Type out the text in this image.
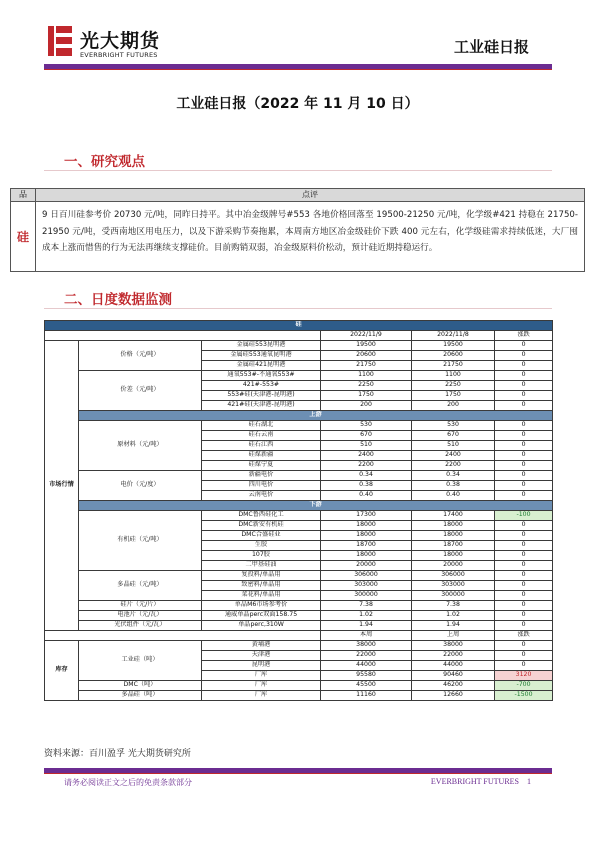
光大期货
EVERBRIGHT FUTURES	工业硅日报
工业硅日报（2022 年 11 月 10 日）
一、研究观点
品	点评
硅
9 日百川硅参考价 20730 元/吨，同昨日持平。其中冶金级牌号#553 各地价格回落至 19500-21250 元/吨，化学级#421 持稳在 21750-21950 元/吨，受西南地区用电压力，以及下游采购节奏拖累，本周南方地区冶金级硅价下跌 400 元左右，化学级硅需求持续低迷，大厂囤成本上涨而惜售的行为无法再继续支撑硅价。目前购销双弱，冶金级原料价松动，预计硅近期持稳运行。
二、日度数据监测
硅					
			2022/11/9	2022/11/8	涨跌
市场行情	价格（元/吨）	金属硅553昆明港	19500	19500	0
		金属硅553通氧昆明港	20600	20600	0
		金属硅421昆明港	21750	21750	0
	价差（元/吨）	通氧553#-不通氧553#	1100	1100	0
		421#-553#	2250	2250	0
		553#硅(天津港-昆明港)	1750	1750	0
		421#硅(天津港-昆明港)	200	200	0
	上游				
	原材料（元/吨）	硅石湖北	530	530	0
		硅石云南	670	670	0
		硅石江西	510	510	0
		硅煤新疆	2400	2400	0
		硅煤宁夏	2200	2200	0
	电价（元/度）	新疆电价	0.34	0.34	0
		四川电价	0.38	0.38	0
		云南电价	0.40	0.40	0
	下游				
	有机硅（元/吨）	DMC鲁西硅化工	17300	17400	-100
		DMC新安有机硅	18000	18000	0
		DMC合盛硅业	18000	18000	0
		生胶	18700	18700	0
		107胶	18000	18000	0
		二甲基硅油	20000	20000	0
	多晶硅（元/吨）	复投料/单晶用	306000	306000	0
		致密料/单晶用	303000	303000	0
		菜花料/单晶用	300000	300000	0
	硅片（元/片）	单晶M6市场参考价	7.38	7.38	0
	电池片（元/瓦）	通威单晶perc双面158.75	1.02	1.02	0
	光伏组件（元/瓦）	单晶perc,310W	1.94	1.94	0
			本周	上周	涨跌
库存	工业硅（吨）	黄埔港	38000	38000	0
		天津港	22000	22000	0
		昆明港	44000	44000	0
		厂库	95580	90460	3120
	DMC（吨）	厂库	45500	46200	-700
	多晶硅（吨）	厂库	11160	12660	-1500
资料来源：百川盈孚 光大期货研究所
请务必阅读正文之后的免责条款部分	EVERBRIGHT FUTURES 1
